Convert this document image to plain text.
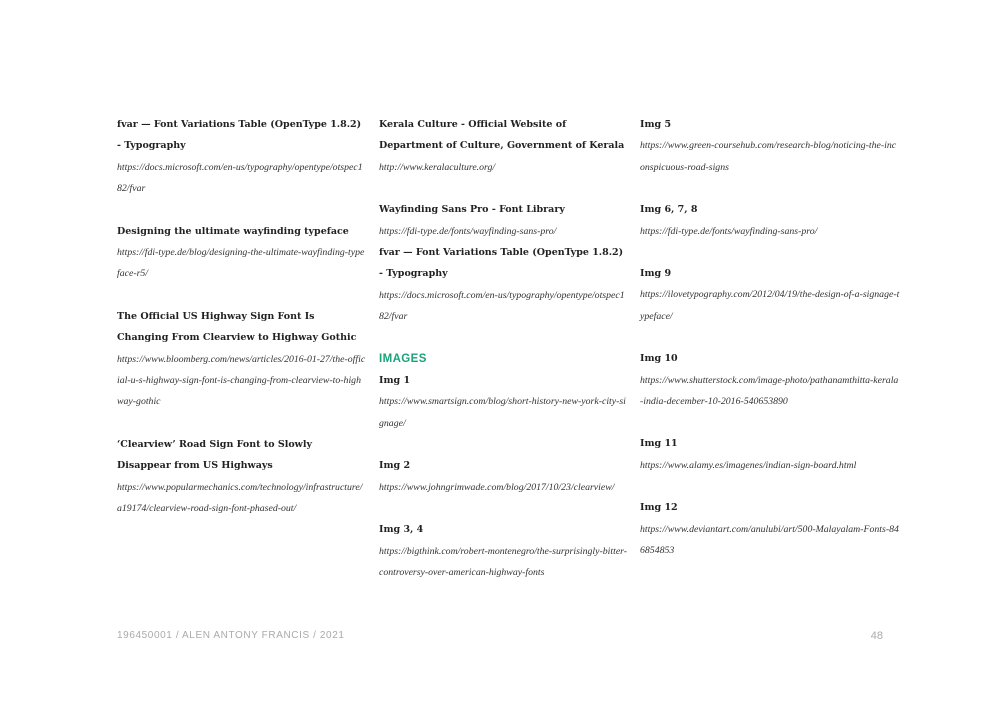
fvar — Font Variations Table (OpenType 1.8.2) - Typography

https://docs.microsoft.com/en-us/typography/opentype/otspec182/fvar

Designing the ultimate wayfinding typeface

https://fdi-type.de/blog/designing-the-ultimate-wayfinding-typeface-r5/

The Official US Highway Sign Font Is Changing From Clearview to Highway Gothic

https://www.bloomberg.com/news/articles/2016-01-27/the-official-u-s-highway-sign-font-is-changing-from-clearview-to-highway-gothic

‘Clearview’ Road Sign Font to Slowly Disappear from US Highways

https://www.popularmechanics.com/technology/infrastructure/a19174/clearview-road-sign-font-phased-out/

Kerala Culture - Official Website of Department of Culture, Government of Kerala

http://www.keralaculture.org/

Wayfinding Sans Pro - Font Library

https://fdi-type.de/fonts/wayfinding-sans-pro/

fvar — Font Variations Table (OpenType 1.8.2) - Typography

https://docs.microsoft.com/en-us/typography/opentype/otspec182/fvar

IMAGES

Img 1

https://www.smartsign.com/blog/short-history-new-york-city-signage/

Img 2

https://www.johngrimwade.com/blog/2017/10/23/clearview/

Img 3, 4

https://bigthink.com/robert-montenegro/the-surprisingly-bitter-controversy-over-american-highway-fonts

Img 5

https://www.green-coursehub.com/research-blog/noticing-the-inconspicuous-road-signs

Img 6, 7, 8

https://fdi-type.de/fonts/wayfinding-sans-pro/

Img 9

https://ilovetypography.com/2012/04/19/the-design-of-a-signage-typeface/

Img 10

https://www.shutterstock.com/image-photo/pathanamthitta-kerala-india-december-10-2016-540653890

Img 11

https://www.alamy.es/imagenes/indian-sign-board.html

Img 12

https://www.deviantart.com/anulubi/art/500-Malayalam-Fonts-846854853

196450001 / ALEN ANTONY FRANCIS / 2021	48
